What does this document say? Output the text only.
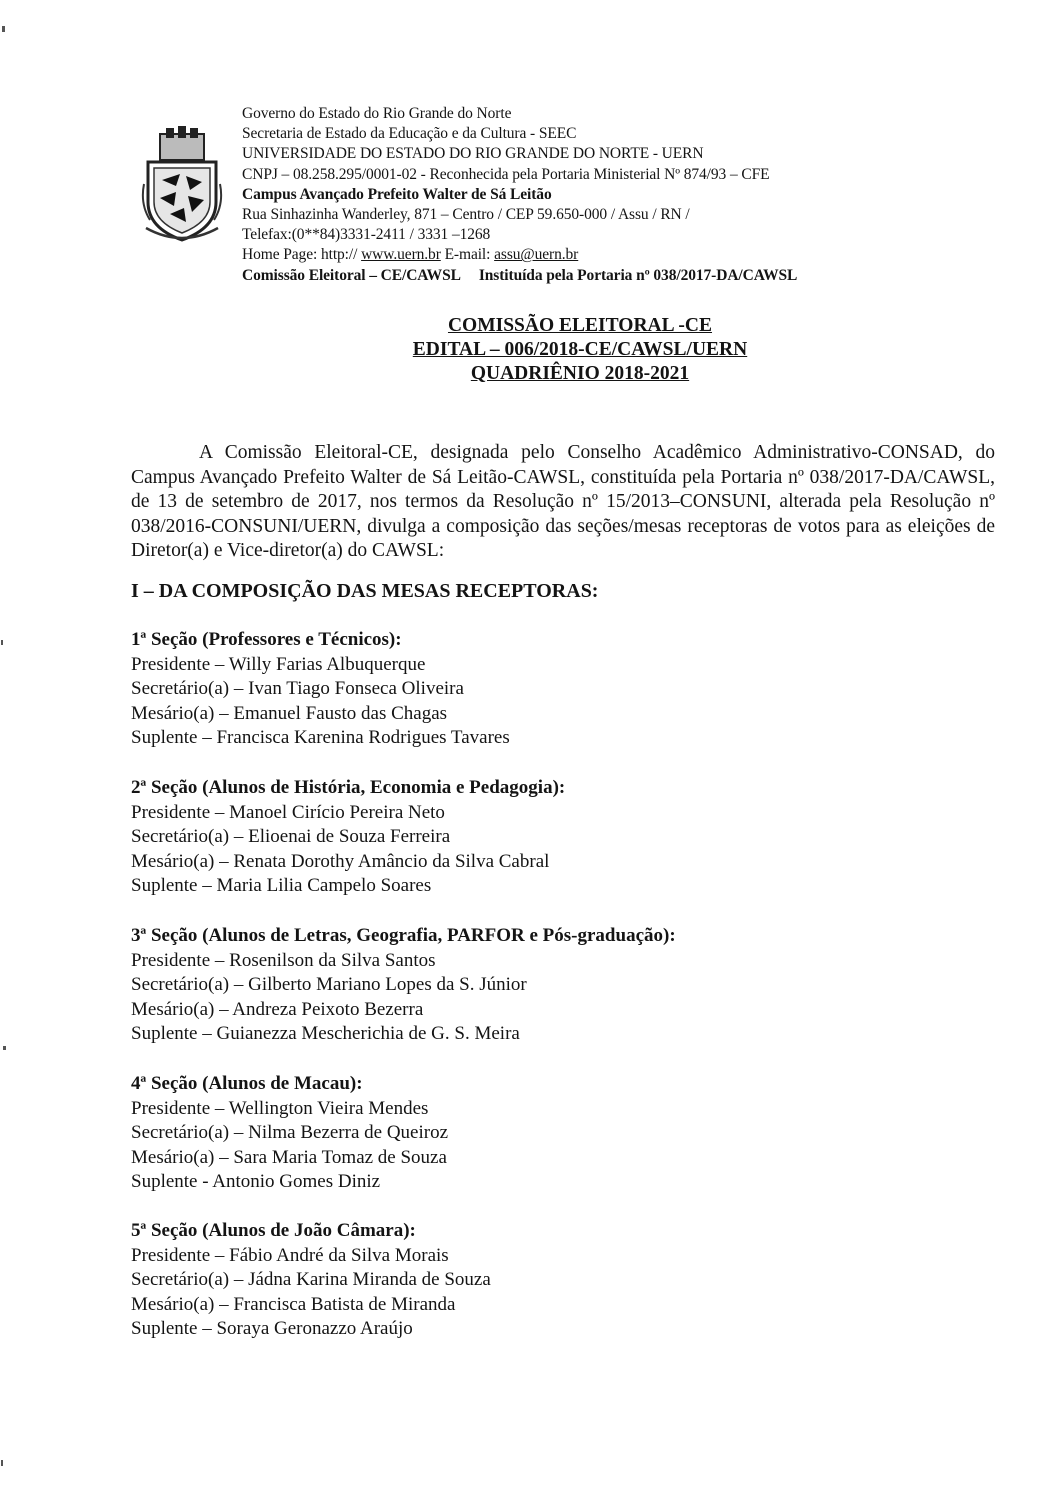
Governo do Estado do Rio Grande do Norte
Secretaria de Estado da Educação e da Cultura - SEEC
UNIVERSIDADE DO ESTADO DO RIO GRANDE DO NORTE - UERN
CNPJ – 08.258.295/0001-02 - Reconhecida pela Portaria Ministerial Nº 874/93 – CFE
Campus Avançado Prefeito Walter de Sá Leitão
Rua Sinhazinha Wanderley, 871 – Centro / CEP 59.650-000 / Assu / RN /
Telefax:(0**84)3331-2411 / 3331 –1268
Home Page: http:// www.uern.br E-mail: assu@uern.br
Comissão Eleitoral – CE/CAWSL Instituída pela Portaria nº 038/2017-DA/CAWSL
COMISSÃO ELEITORAL -CE
EDITAL – 006/2018-CE/CAWSL/UERN
QUADRIÊNIO 2018-2021
A Comissão Eleitoral-CE, designada pelo Conselho Acadêmico Administrativo-CONSAD, do Campus Avançado Prefeito Walter de Sá Leitão-CAWSL, constituída pela Portaria nº 038/2017-DA/CAWSL, de 13 de setembro de 2017, nos termos da Resolução nº 15/2013–CONSUNI, alterada pela Resolução nº 038/2016-CONSUNI/UERN, divulga a composição das seções/mesas receptoras de votos para as eleições de Diretor(a) e Vice-diretor(a) do CAWSL:
I – DA COMPOSIÇÃO DAS MESAS RECEPTORAS:
1ª Seção (Professores e Técnicos):
Presidente – Willy Farias Albuquerque
Secretário(a) – Ivan Tiago Fonseca Oliveira
Mesário(a) – Emanuel Fausto das Chagas
Suplente – Francisca Karenina Rodrigues Tavares
2ª Seção (Alunos de História, Economia e Pedagogia):
Presidente – Manoel Cirício Pereira Neto
Secretário(a) – Elioenai de Souza Ferreira
Mesário(a) – Renata Dorothy Amâncio da Silva Cabral
Suplente – Maria Lilia Campelo Soares
3ª Seção (Alunos de Letras, Geografia, PARFOR e Pós-graduação):
Presidente – Rosenilson da Silva Santos
Secretário(a) – Gilberto Mariano Lopes da S. Júnior
Mesário(a) – Andreza Peixoto Bezerra
Suplente – Guianezza Mescherichia de G. S. Meira
4ª Seção (Alunos de Macau):
Presidente – Wellington Vieira Mendes
Secretário(a) – Nilma Bezerra de Queiroz
Mesário(a) – Sara Maria Tomaz de Souza
Suplente - Antonio Gomes Diniz
5ª Seção (Alunos de João Câmara):
Presidente – Fábio André da Silva Morais
Secretário(a) – Jádna Karina Miranda de Souza
Mesário(a) – Francisca Batista de Miranda
Suplente – Soraya Geronazzo Araújo
